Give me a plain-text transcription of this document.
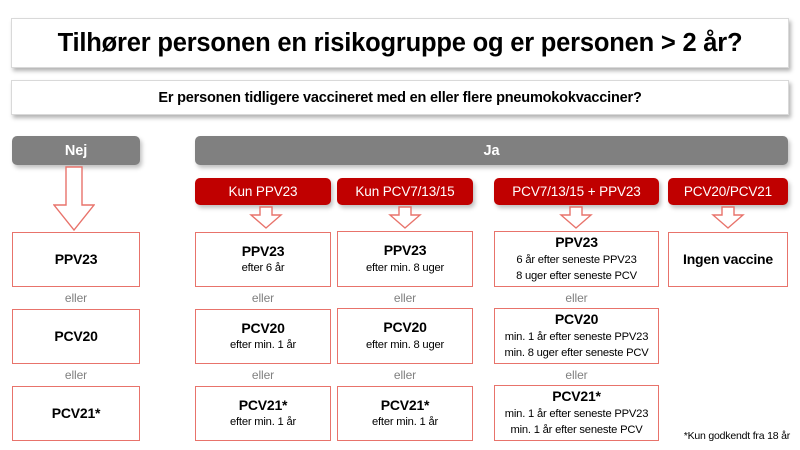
Tilhører personen en risikogruppe og er personen > 2 år?
Er personen tidligere vaccineret med en eller flere pneumokokvacciner?
Nej	Ja
Kun PPV23	Kun PCV7/13/15	PCV7/13/15 + PPV23	PCV20/PCV21
PPV23
eller
PCV20
eller
PCV21*
PPV23
efter 6 år
eller
PCV20
efter min. 1 år
eller
PCV21*
efter min. 1 år
PPV23
efter min. 8 uger
eller
PCV20
efter min. 8 uger
eller
PCV21*
efter min. 1 år
PPV23
6 år efter seneste PPV23
8 uger efter seneste PCV
eller
PCV20
min. 1 år efter seneste PPV23
min. 8 uger efter seneste PCV
eller
PCV21*
min. 1 år efter seneste PPV23
min. 1 år efter seneste PCV
Ingen vaccine
*Kun godkendt fra 18 år
